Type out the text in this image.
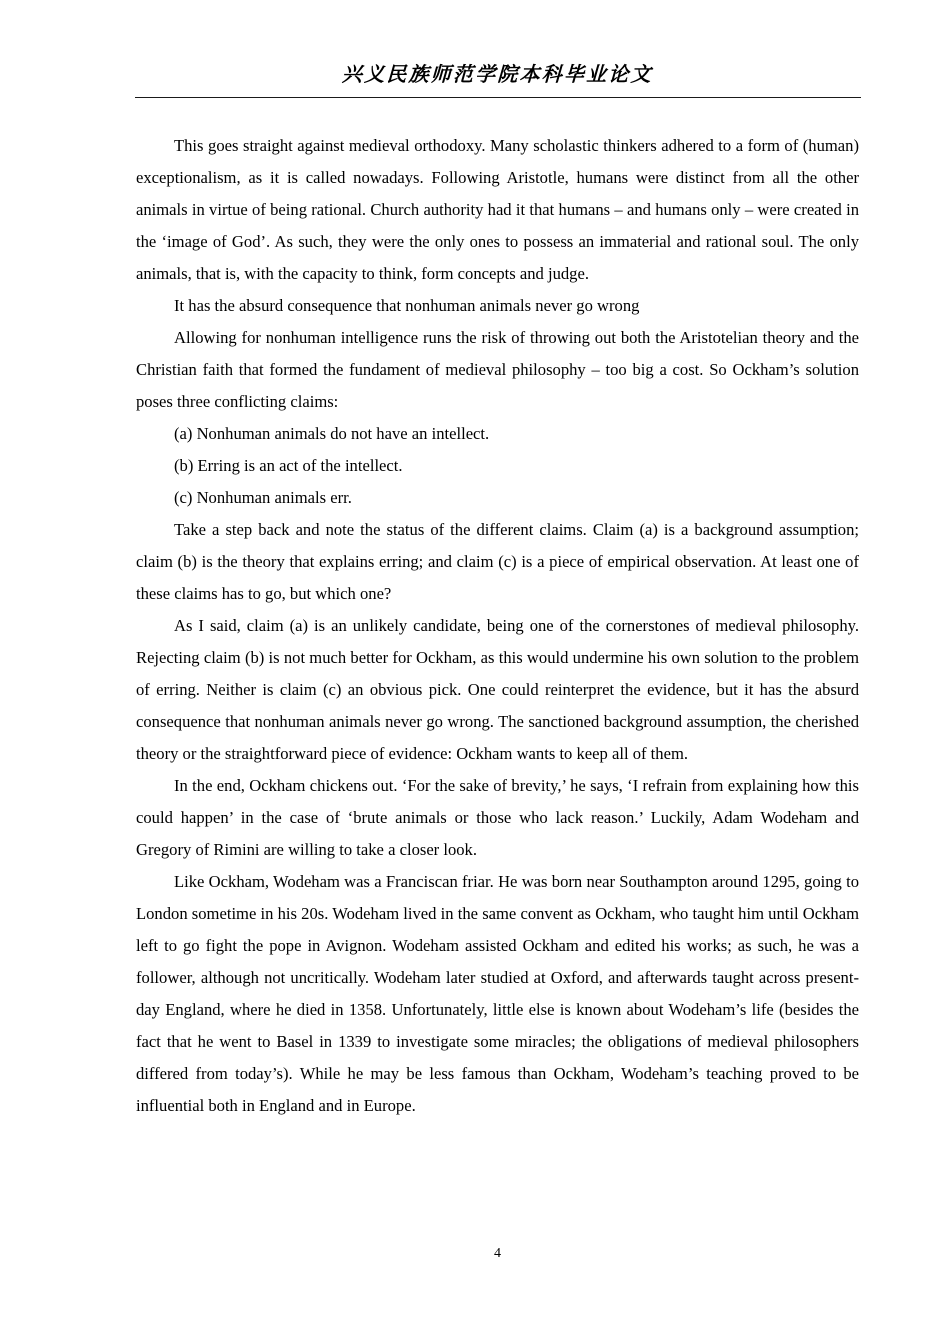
兴义民族师范学院本科毕业论文

This goes straight against medieval orthodoxy. Many scholastic thinkers adhered to a form of (human) exceptionalism, as it is called nowadays. Following Aristotle, humans were distinct from all the other animals in virtue of being rational. Church authority had it that humans – and humans only – were created in the ‘image of God’. As such, they were the only ones to possess an immaterial and rational soul. The only animals, that is, with the capacity to think, form concepts and judge.

It has the absurd consequence that nonhuman animals never go wrong

Allowing for nonhuman intelligence runs the risk of throwing out both the Aristotelian theory and the Christian faith that formed the fundament of medieval philosophy – too big a cost. So Ockham’s solution poses three conflicting claims:

(a) Nonhuman animals do not have an intellect.

(b) Erring is an act of the intellect.

(c) Nonhuman animals err.

Take a step back and note the status of the different claims. Claim (a) is a background assumption; claim (b) is the theory that explains erring; and claim (c) is a piece of empirical observation. At least one of these claims has to go, but which one?

As I said, claim (a) is an unlikely candidate, being one of the cornerstones of medieval philosophy. Rejecting claim (b) is not much better for Ockham, as this would undermine his own solution to the problem of erring. Neither is claim (c) an obvious pick. One could reinterpret the evidence, but it has the absurd consequence that nonhuman animals never go wrong. The sanctioned background assumption, the cherished theory or the straightforward piece of evidence: Ockham wants to keep all of them.

In the end, Ockham chickens out. ‘For the sake of brevity,’ he says, ‘I refrain from explaining how this could happen’ in the case of ‘brute animals or those who lack reason.’ Luckily, Adam Wodeham and Gregory of Rimini are willing to take a closer look.

Like Ockham, Wodeham was a Franciscan friar. He was born near Southampton around 1295, going to London sometime in his 20s. Wodeham lived in the same convent as Ockham, who taught him until Ockham left to go fight the pope in Avignon. Wodeham assisted Ockham and edited his works; as such, he was a follower, although not uncritically. Wodeham later studied at Oxford, and afterwards taught across present-day England, where he died in 1358. Unfortunately, little else is known about Wodeham’s life (besides the fact that he went to Basel in 1339 to investigate some miracles; the obligations of medieval philosophers differed from today’s). While he may be less famous than Ockham, Wodeham’s teaching proved to be influential both in England and in Europe.

4
